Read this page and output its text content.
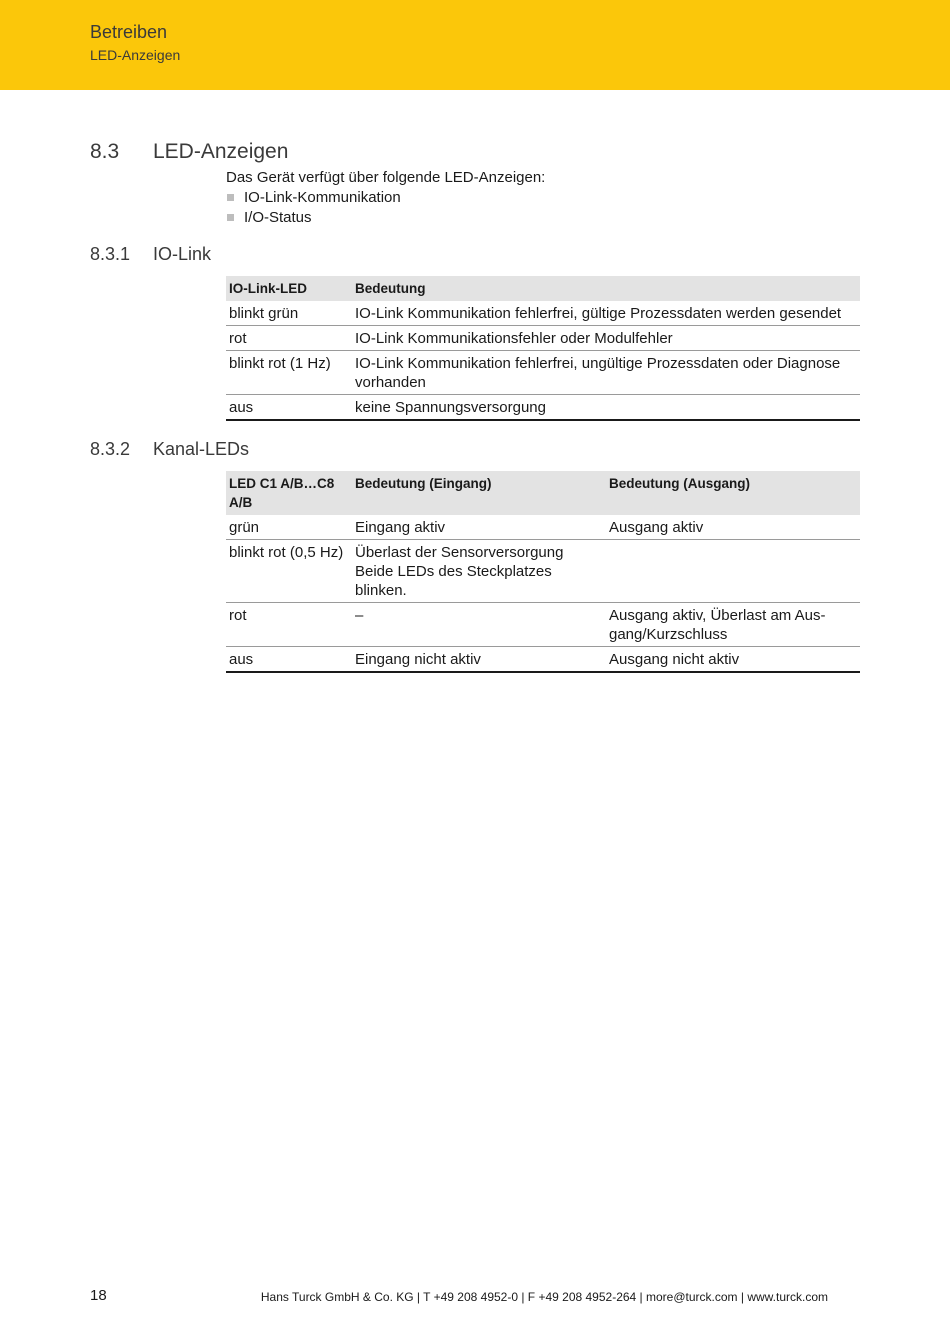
Betreiben
LED-Anzeigen
8.3 LED-Anzeigen
Das Gerät verfügt über folgende LED-Anzeigen:
IO-Link-Kommunikation
I/O-Status
8.3.1 IO-Link
IO-Link-LED	Bedeutung
blinkt grün	IO-Link Kommunikation fehlerfrei, gültige Prozessdaten werden gesendet
rot	IO-Link Kommunikationsfehler oder Modulfehler
blinkt rot (1 Hz)	IO-Link Kommunikation fehlerfrei, ungültige Prozessdaten oder Diagnose vorhanden
aus	keine Spannungsversorgung
8.3.2 Kanal-LEDs
LED C1 A/B…C8 A/B	Bedeutung (Eingang)	Bedeutung (Ausgang)
grün	Eingang aktiv	Ausgang aktiv
blinkt rot (0,5 Hz)	Überlast der Sensorversorgung Beide LEDs des Steckplatzes blinken.	
rot	–	Ausgang aktiv, Überlast am Aus-gang/Kurzschluss
aus	Eingang nicht aktiv	Ausgang nicht aktiv
18	Hans Turck GmbH & Co. KG | T +49 208 4952-0 | F +49 208 4952-264 | more@turck.com | www.turck.com
